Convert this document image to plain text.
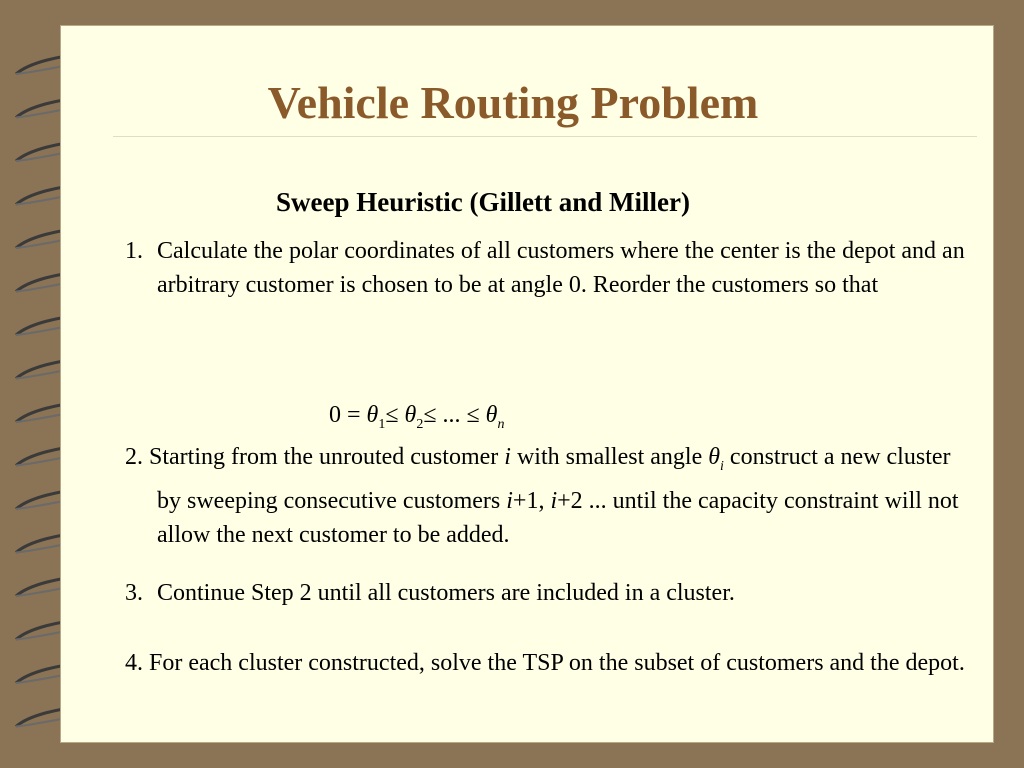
Vehicle Routing Problem
Sweep Heuristic (Gillett and Miller)
1. Calculate the polar coordinates of all customers where the center is the depot and an arbitrary customer is chosen to be at angle 0. Reorder the customers so that
$0 = \theta_1\le \theta_2\le$ ... ≤ $\theta_n$
2. Starting from the unrouted customer i with smallest angle $\theta_i$ construct a new cluster by sweeping consecutive customers i+1, i+2 ... until the capacity constraint will not allow the next customer to be added.
3. Continue Step 2 until all customers are included in a cluster.
4. For each cluster constructed, solve the TSP on the subset of customers and the depot.
